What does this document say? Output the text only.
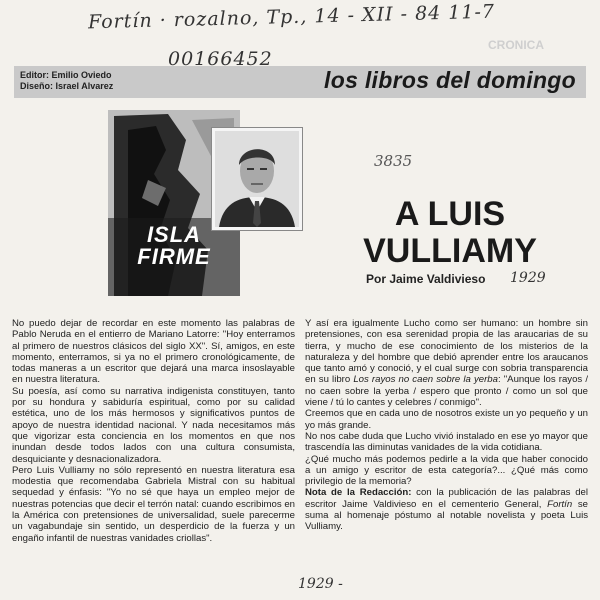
Fortín · rozalno, Tp., 14 - XII - 84 11-7
CRONICA
Editor: Emilio Oviedo
Diseño: Israel Alvarez	los libros del domingo
00166452
ISLA
FIRME
3835
A LUIS
VULLIAMY
Por Jaime Valdivieso 1929

No puedo dejar de recordar en este momento las palabras de Pablo Neruda en el entierro de Mariano Latorre: "Hoy enterramos al primero de nuestros clásicos del siglo XX". Sí, amigos, en este momento, enterramos, si ya no el primero cronológicamente, de todas maneras a un escritor que dejará una marca insoslayable en nuestra literatura.

Su poesía, así como su narrativa indigenista constituyen, tanto por su hondura y sabiduría espiritual, como por su calidad estética, uno de los más hermosos y significativos puntos de apoyo de nuestra identidad nacional. Y nada necesitamos más que vigorizar esta conciencia en los momentos en que nos inundan desde todos lados con una cultura consumista, desquiciante y desnacionalizadora.

Pero Luis Vulliamy no sólo representó en nuestra literatura esa modestia que recomendaba Gabriela Mistral con su habitual sequedad y énfasis: "Yo no sé que haya un empleo mejor de nuestras potencias que decir el terrón natal: cuando escribimos en la América con pretensiones de universalidad, suele parecerme un vagabundaje sin sentido, un desperdicio de la fuerza y un engaño infantil de nuestras vanidades criollas".

Y así era igualmente Lucho como ser humano: un hombre sin pretensiones, con esa serenidad propia de las araucarias de su tierra, y mucho de ese conocimiento de los misterios de la naturaleza y del hombre que debió aprender entre los araucanos que tanto amó y conoció, y el cual surge con sobria transparencia en su libro Los rayos no caen sobre la yerba: "Aunque los rayos / no caen sobre la yerba / espero que pronto / como un sol que viene / tú lo cantes y celebres / conmigo".

Creemos que en cada uno de nosotros existe un yo pequeño y un yo más grande.

No nos cabe duda que Lucho vivió instalado en ese yo mayor que trascendía las diminutas vanidades de la vida cotidiana.

¿Qué mucho más podemos pedirle a la vida que haber conocido a un amigo y escritor de esta categoría?... ¿Qué más como privilegio de la memoria?

Nota de la Redacción: con la publicación de las palabras del escritor Jaime Valdivieso en el cementerio General, Fortín se suma al homenaje póstumo al notable novelista y poeta Luis Vulliamy.

1929 -
